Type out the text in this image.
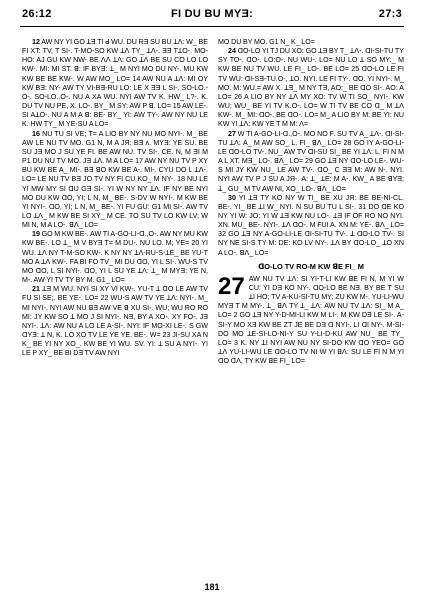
26:12	FI DU BU MYƎ:	27:3

12 AW NY YI GO ꓕƎ TI ꓒ WU. DU RƎ SU BU ꓕꓥ: W_ BE FI XT: TV, T SI-. T-MO-SO KW ꓕꓥ TY_ ꓕꓥ-. ƎƎ TꓕO-. MO- HO: AJ GU KW NW- BE ꓥꓥ ꓕꓥ: GO ꓕꓥ BE SU CO LO LO KW-. MI: MI ST. ꓭ: IF BYƎ: ꓕ_ M NYI MO DU NY-. MU KW KW BE BE KW-. W AW MO_ LO= 14 AW NU A ꓕꓥ: MI OY KW BƎ: NY- AW TY VI-BƎ-RU LO: LE X ƎƎ L SI-. SO-LO.-O-. SO-LO..O-. NU A XA WU. NYI AW TV K. HW_ L?-. K. DU TV NU PE, X. LO-. BY_ M SY: AW P ꓭ. LO= 15 AW LE-. SI AꓕO-. NU A M A ꓭ: BE- BY_ YI: AW TY-. AW NY NU LE K. HW TY_ M YE-SU A LO=

16 NU TU SI VE; T= A LIO BY NY NU MO NYI-. M_ BE AW LE NU TV MO. G1 N, M A JЯ: BƎ ᴧ. MYƎ: YE SU. BE SU JƎ MO J SU YE FI. BE AW NU. TV SI-. CE. N, M ƎI M P1 DU NU TV MO. JƎ ꓕꓥ. M A LO= 17 AW NY NU TV P XY BU KW BE A_ MI-. BƎ ꓭO KW BE A-. MI-. CYU DO L ꓕꓥ-. LO= LE NU TV BƎ JO TV NY FI CU KO_ M NY-. 18 NU LE YI MW MY SI ꓷU GƎ SI-. YI W NY NY ꓕꓥ. IF NY BE NYI MO DU KW ꓷO, YI; L N, M_ BE-. S-DV W NYI-. M KW BE YI NYI-. ꓷO, YI; L N, M_ BE-. YI FU GU: G1 MI SI-. AW TV LO ꓕꓥ_ M KW BE SI XY_ M CE. TO SU TV LO KW LV; W MI N, M A LO-. ꓭꓥ_ LO=

19 GO M KW BE-. AW TI A-GO-LI-ꓷ.,O-. AW NY MU KW KW BE-. LO ꓕ_ M V BYƎ T= M DU-. NU LO. M; YE= 20 YI WU. ꓕꓥ NY T-M-SO KW-. K NY NY ꓕꓥ-RU-S-ꓕE_ BE YU-T MO A ꓕꓥ KW-. FA BI FO TV_ MI DU ꓷO, YI L SI-. WU-S TV MO ꓷO, L SI NYI-. ꓷO, YI L SU YE ꓕꓥ: ꓕ_ M MYƎ: YE N, M-. AW YI TV TY BY M. G1_ LO=

21 ꓕƎ M WU. NYI SI XY VI KW-. YU-T ꓕ ꓷO LE AW TV FU SI SE;. BE YE-. LO= 22 WU-S AW TV YE ꓕꓥ: NYI-. M_ MI NYI-. NYI AW NU ꓭƎ AW VE ꓭ XU SI-. WU; WU RO RO MI: JY KW SO ꓕ MO J SI NYI-. NƎ, BY A XO-. XY FO-. JƎ NYI-. ꓕꓥ: AW NU A LO LE A-SI-. NYI: IF MO-XI LE-. S GW ꓷYƎ: ꓕ N, K. LO XO TV LE YE YE. BE-. W= 23 JI-SU XA N K_ BE YI NY XO_. KW BE YI WU. SV. YI: ꓕ SU A NYI-. YI LE P XY_ BE BI DƎ TV AW NYI

MO DU BY MO. G1 N_ K_ LO=

24 ꓷO-LO YI TJ DU XO: GO ꓕƎ BY T_ ꓕꓥ-. ꓷI-SI-TU TY SY TO-. ꓷO-. LO:O-. NU WU-. LO= NU LO ꓕ SO MY:_ M KW BE NU TV WU. LE FI_ LO-. BE LO= 25 ꓷO-LO LE FI TV WU: ꓷI-SƎ-TU.O-, ꓕO. NYI. LE FI TY-. ꓷO. YI NYI-. M_ MO. M: WU.= AW X. ꓕƎ_ M NY TƎ, AO:_ BE ꓷO SI-. AO: A LO= 26 A LIO BY NY ꓕꓥ MY XO: TV W TI SO_ NYI-. KW WU; WU_ BE YI TV K.O-. LO= W TI TV BE CO ꓷ_ M ꓕꓥ KW-. M_ MI: ꓷO-. BE ꓷO-. LO= M_ A LIO BY M: BE YI: NU KW YI ꓕꓥ: KW YE T M M: ꓥ=

27 W TI A-GO-LI-ꓷ.,O-. MO NO F. SU TV A_ ꓕꓥ-. ꓷI-SI-TU ꓕꓥ: A_ M AW SO_ L. FI_ ꓭꓥ_ LO= 28 GO IY A-GO-LI-LE ꓷO-LO TV-. NU_ AW TV ꓷI-SU SI_ BE YI ꓕꓥ: L. FI N M A L XT. MƎ_ LO-. ꓭꓥ_ LO= 29 GO ꓕƎ NY ꓷO-LO LE-. WU-S MI JY KW NU_ LE AW TV-. ꓷO_ C ƎƎ M: AW N-. NYI. NYI AW TV P J SU A JЯ-. A: ꓕ_ ꓕE: M A-. KW_ A BE ꓭYƎ; ꓕ_ GU_ M TV AW NI, XO_ LO-. ꓭꓥ_ LO=

30 YI ꓕƎ TY KO NY W TI_ BE XU JЯ: BE BE-NI-CL. BE-. YI_ BE ꓕI W_ NYI. N SU BU TU L SI-. 31 DO ꓷE KO NY YI W: JO: YI W ꓕƎ KW NU LO-. ꓕƎ IF OF RO NO NYI. XN. MU_ BE-. NYI-. ꓕꓥ ꓷO-. M FUI A. XN M: YE-. ꓭꓥ_ LO= 32 GO ꓕƎ NY A-GO-LI-LE ꓷI-SI-TU TV-. ꓕ ꓷO-LO TV-. SI NY NE SI-S TY M: DE: KO LV NY-. ꓕꓥ BY ꓷO-LO_ ꓕO XN A LO-. ꓭꓥ_ LO=

ꓷO-LO TV RO-M KW ꓭE FI_ M
27 AW NU TV ꓕꓥ: SI YI-T-LI KW ꓭE FI N, M YI W CU: YI DƎ KO NY-. ꓷO-LO BE NƎ. BY BE T SU ꓕI HO; TV A-KU-SI-TU MY; ZU KW M-. YU-LI-WU MYƎ T M MY-. ꓕ_ ꓭꓥ TY ꓕ_ ꓕꓥ: AW NU TV ꓕꓥ: SI_ M A_ LO= 2 GO ꓕƎ NY Y-D-MI-LI KW M LI-. M KW DƎ LE SI-. A-SI-Y MO XƎ KW BE ZT JE BE DƎ ꓷ NYI-. LI ꓷI NY-. M-SI-DO MO ꓕE-SI-LO-NI-Y SU Y-LI-D-KU AW NU_ BE TY_ LO= 3 K. NY ꓕI NYI AW NU NY SI-DO KW ꓷO YEO= GO ꓕꓥ YU-LI-WU LE ꓷO-LO TV NI W YI ꓭꓥ: SU LE FI N M YI ꓷO ꓷꓥ, TY KW ꓭE FI_ LO=

181
